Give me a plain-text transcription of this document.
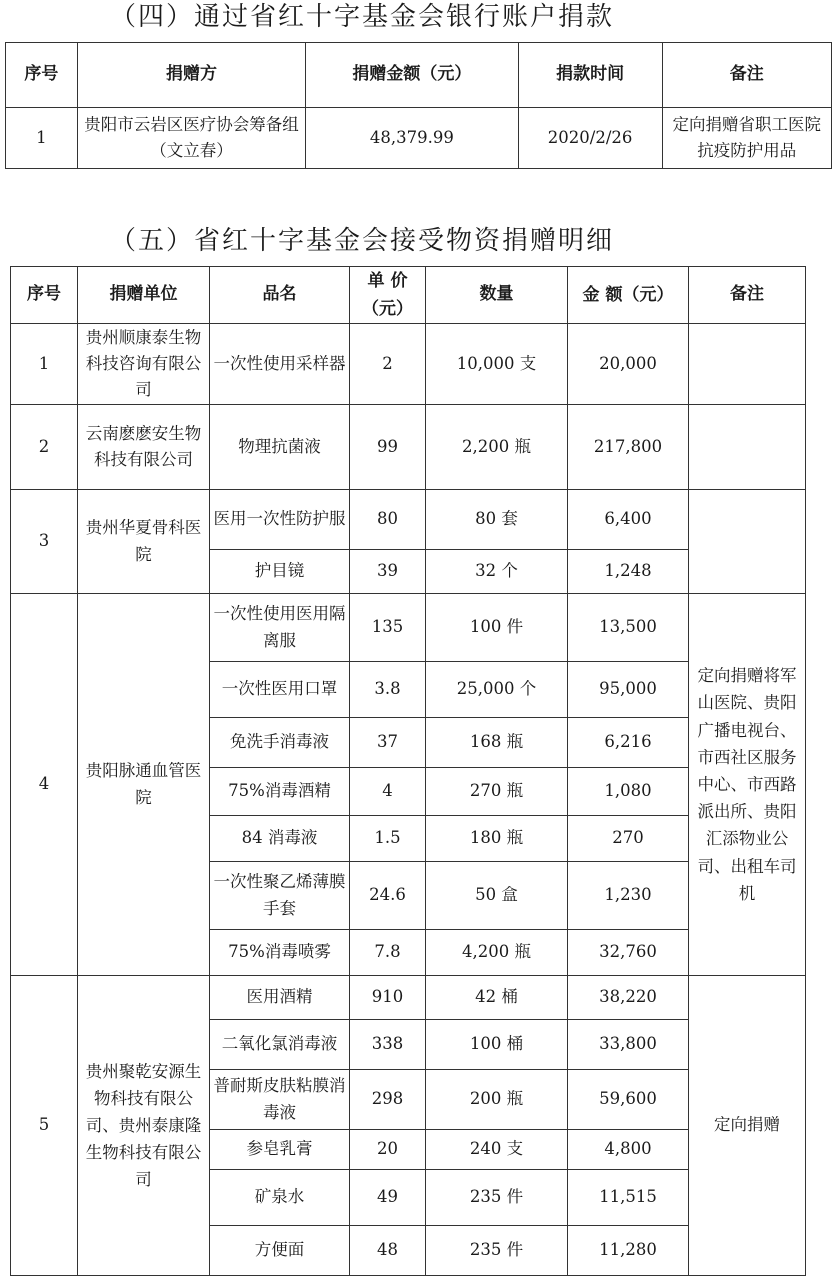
（四）通过省红十字基金会银行账户捐款
序号	捐赠方	捐赠金额（元）	捐款时间	备注
1	贵阳市云岩区医疗协会筹备组（文立春）	48,379.99	2020/2/26	定向捐赠省职工医院抗疫防护用品
（五）省红十字基金会接受物资捐赠明细
序号	捐赠单位	品名	单 价（元）	数量	金 额（元）	备注
1	贵州顺康泰生物科技咨询有限公司	一次性使用采样器	2	10,000 支	20,000	
2	云南麽麽安生物科技有限公司	物理抗菌液	99	2,200 瓶	217,800	
3	贵州华夏骨科医院	医用一次性防护服	80	80 套	6,400	
		护目镜	39	32 个	1,248	
4	贵阳脉通血管医院	一次性使用医用隔离服	135	100 件	13,500	定向捐赠将军山医院、贵阳广播电视台、市西社区服务中心、市西路派出所、贵阳汇添物业公司、出租车司机
		一次性医用口罩	3.8	25,000 个	95,000	
		免洗手消毒液	37	168 瓶	6,216	
		75%消毒酒精	4	270 瓶	1,080	
		84 消毒液	1.5	180 瓶	270	
		一次性聚乙烯薄膜手套	24.6	50 盒	1,230	
		75%消毒喷雾	7.8	4,200 瓶	32,760	
5	贵州聚乾安源生物科技有限公司、贵州泰康隆生物科技有限公司	医用酒精	910	42 桶	38,220	定向捐赠
		二氧化氯消毒液	338	100 桶	33,800	
		普耐斯皮肤粘膜消毒液	298	200 瓶	59,600	
		参皂乳膏	20	240 支	4,800	
		矿泉水	49	235 件	11,515	
		方便面	48	235 件	11,280	
